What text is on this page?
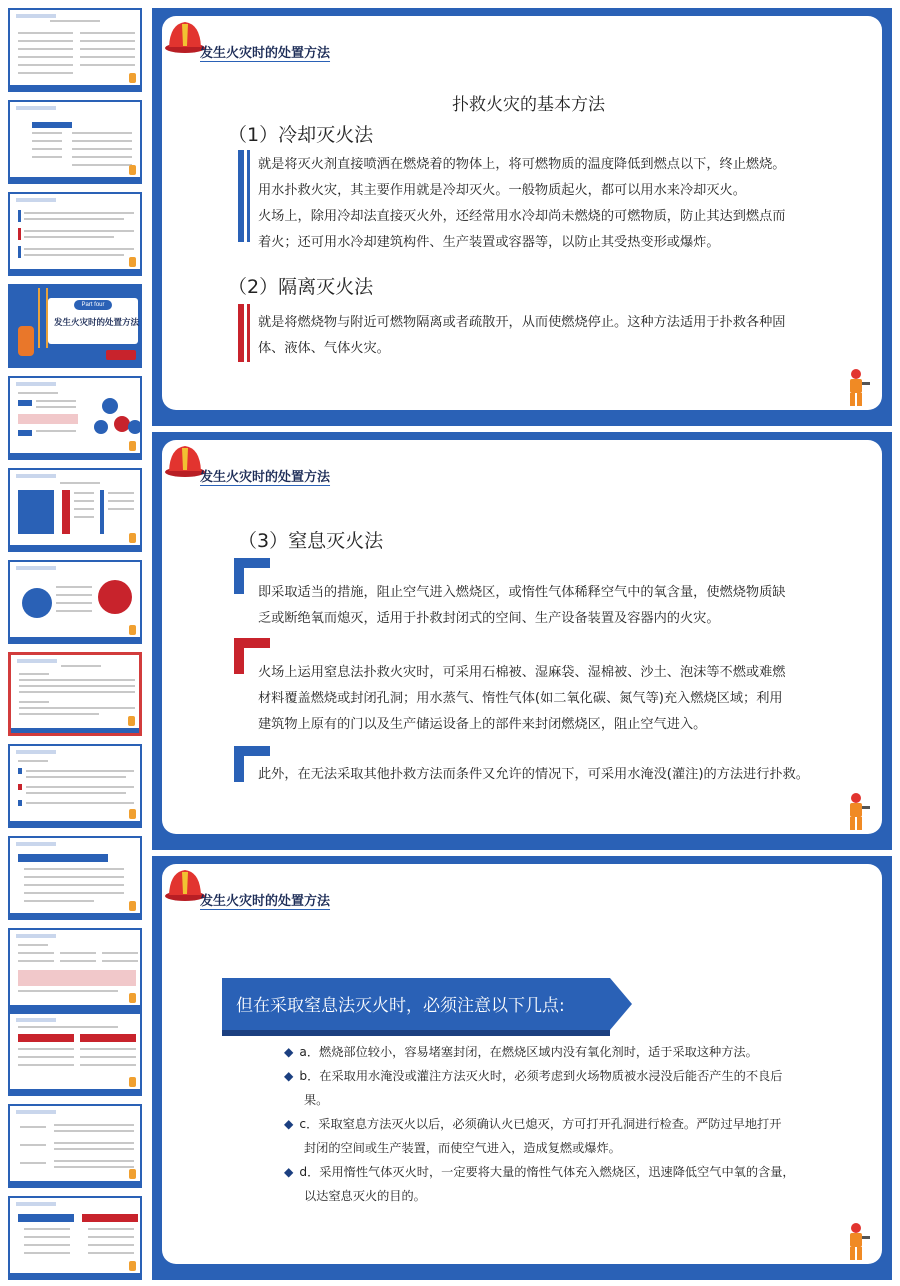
Part four
发生火灾时的处置方法
发生火灾时的处置方法
扑救火灾的基本方法
（1）冷却灭火法
就是将灭火剂直接喷洒在燃烧着的物体上，将可燃物质的温度降低到燃点以下，终止燃烧。
用水扑救火灾，其主要作用就是冷却灭火。一般物质起火，都可以用水来冷却灭火。
火场上，除用冷却法直接灭火外，还经常用水冷却尚未燃烧的可燃物质，防止其达到燃点而
着火；还可用水冷却建筑构件、生产装置或容器等，以防止其受热变形或爆炸。
（2）隔离灭火法
就是将燃烧物与附近可燃物隔离或者疏散开，从而使燃烧停止。这种方法适用于扑救各种固
体、液体、气体火灾。
发生火灾时的处置方法
（3）窒息灭火法
即采取适当的措施，阻止空气进入燃烧区，或惰性气体稀释空气中的氧含量，使燃烧物质缺
乏或断绝氧而熄灭，适用于扑救封闭式的空间、生产设备装置及容器内的火灾。
火场上运用窒息法扑救火灾时，可采用石棉被、湿麻袋、湿棉被、沙土、泡沫等不燃或难燃
材料覆盖燃烧或封闭孔洞；用水蒸气、惰性气体(如二氧化碳、氮气等)充入燃烧区域；利用
建筑物上原有的门以及生产储运设备上的部件来封闭燃烧区，阻止空气进入。
此外，在无法采取其他扑救方法而条件又允许的情况下，可采用水淹没(灌注)的方法进行扑救。
发生火灾时的处置方法
但在采取窒息法灭火时，必须注意以下几点:
◆ a．燃烧部位较小，容易堵塞封闭，在燃烧区域内没有氧化剂时，适于采取这种方法。
◆ b．在采取用水淹没或灌注方法灭火时，必须考虑到火场物质被水浸没后能否产生的不良后
果。
◆ c．采取窒息方法灭火以后，必须确认火已熄灭，方可打开孔洞进行检查。严防过早地打开
封闭的空间或生产装置，而使空气进入，造成复燃或爆炸。
◆ d．采用惰性气体灭火时，一定要将大量的惰性气体充入燃烧区，迅速降低空气中氧的含量，
以达窒息灭火的目的。
